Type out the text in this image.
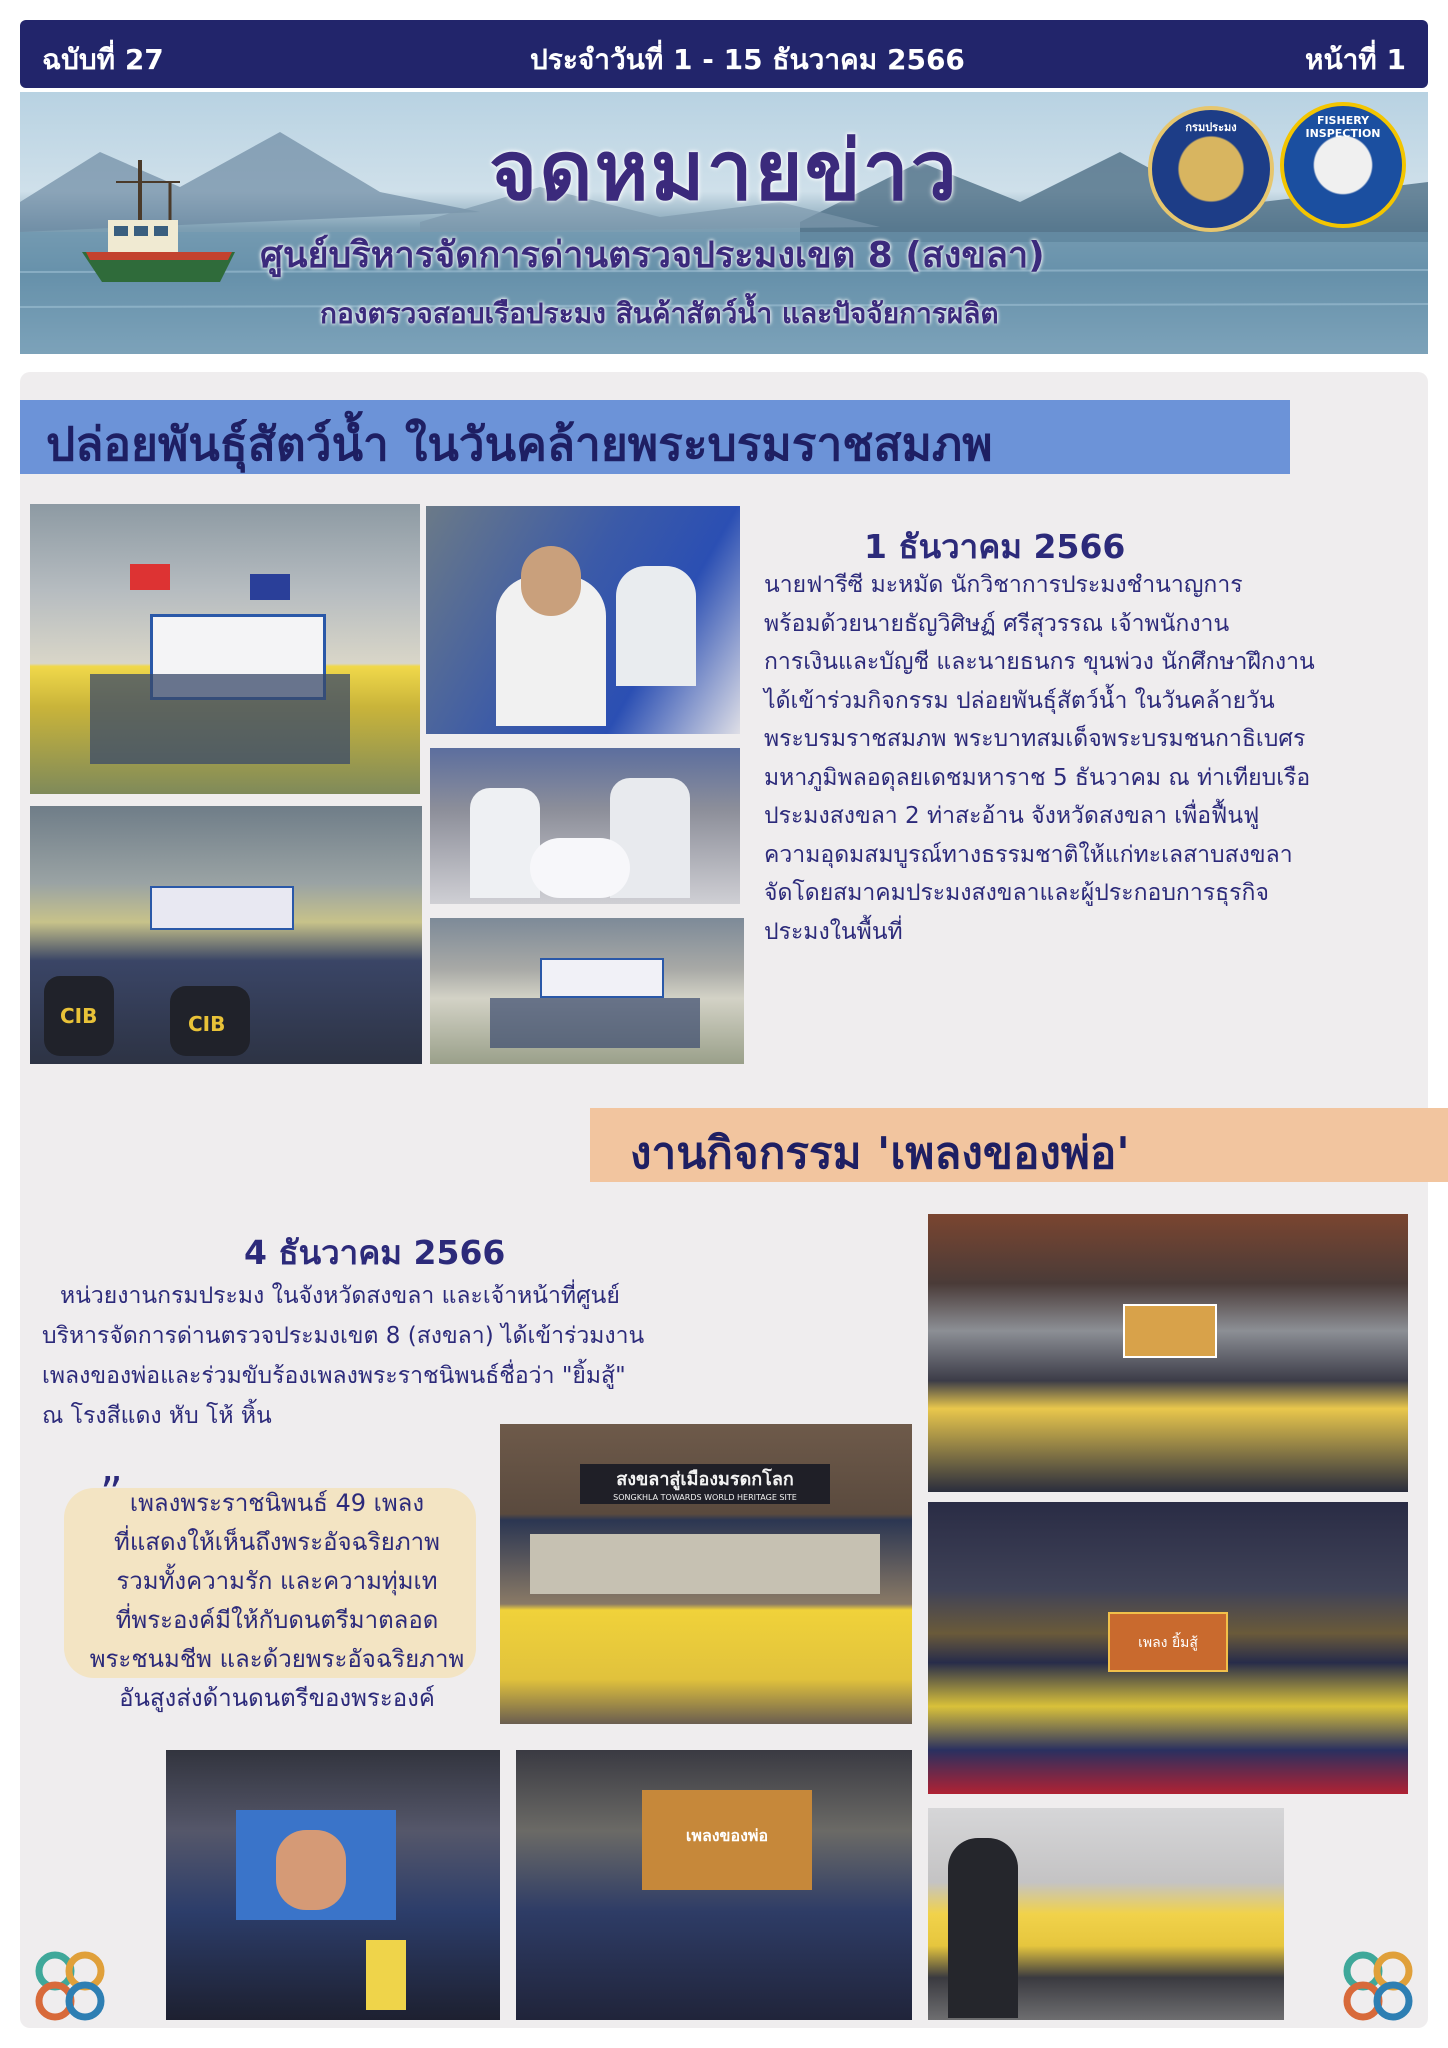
ฉบับที่ 27	ประจำวันที่ 1 - 15 ธันวาคม 2566	หน้าที่ 1
จดหมายข่าว
ศูนย์บริหารจัดการด่านตรวจประมงเขต 8 (สงขลา)
กองตรวจสอบเรือประมง สินค้าสัตว์น้ำ และปัจจัยการผลิต
กรมประมง
FISHERY INSPECTION
ปล่อยพันธุ์สัตว์น้ำ ในวันคล้ายพระบรมราชสมภพ
CIB	CIB
1 ธันวาคม 2566
นายฟารีซี มะหมัด นักวิชาการประมงชำนาญการ
พร้อมด้วยนายธัญวิศิษฏ์ ศรีสุวรรณ เจ้าพนักงาน
การเงินและบัญชี และนายธนกร ขุนพ่วง นักศึกษาฝึกงาน
ได้เข้าร่วมกิจกรรม ปล่อยพันธุ์สัตว์น้ำ ในวันคล้ายวัน
พระบรมราชสมภพ พระบาทสมเด็จพระบรมชนกาธิเบศร
มหาภูมิพลอดุลยเดชมหาราช 5 ธันวาคม ณ ท่าเทียบเรือ
ประมงสงขลา 2 ท่าสะอ้าน จังหวัดสงขลา เพื่อฟื้นฟู
ความอุดมสมบูรณ์ทางธรรมชาติให้แก่ทะเลสาบสงขลา
จัดโดยสมาคมประมงสงขลาและผู้ประกอบการธุรกิจ
ประมงในพื้นที่
งานกิจกรรม 'เพลงของพ่อ'
4 ธันวาคม 2566
หน่วยงานกรมประมง ในจังหวัดสงขลา และเจ้าหน้าที่ศูนย์
บริหารจัดการด่านตรวจประมงเขต 8 (สงขลา) ได้เข้าร่วมงาน
เพลงของพ่อและร่วมขับร้องเพลงพระราชนิพนธ์ชื่อว่า "ยิ้มสู้"
ณ โรงสีแดง หับ โห้ หิ้น
” เพลงพระราชนิพนธ์ 49 เพลง
ที่แสดงให้เห็นถึงพระอัจฉริยภาพ
รวมทั้งความรัก และความทุ่มเท
ที่พระองค์มีให้กับดนตรีมาตลอด
พระชนมชีพ และด้วยพระอัจฉริยภาพ
อันสูงส่งด้านดนตรีของพระองค์
สงขลาสู่เมืองมรดกโลก
SONGKHLA TOWARDS WORLD HERITAGE SITE
เพลง ยิ้มสู้
เพลงของพ่อ
